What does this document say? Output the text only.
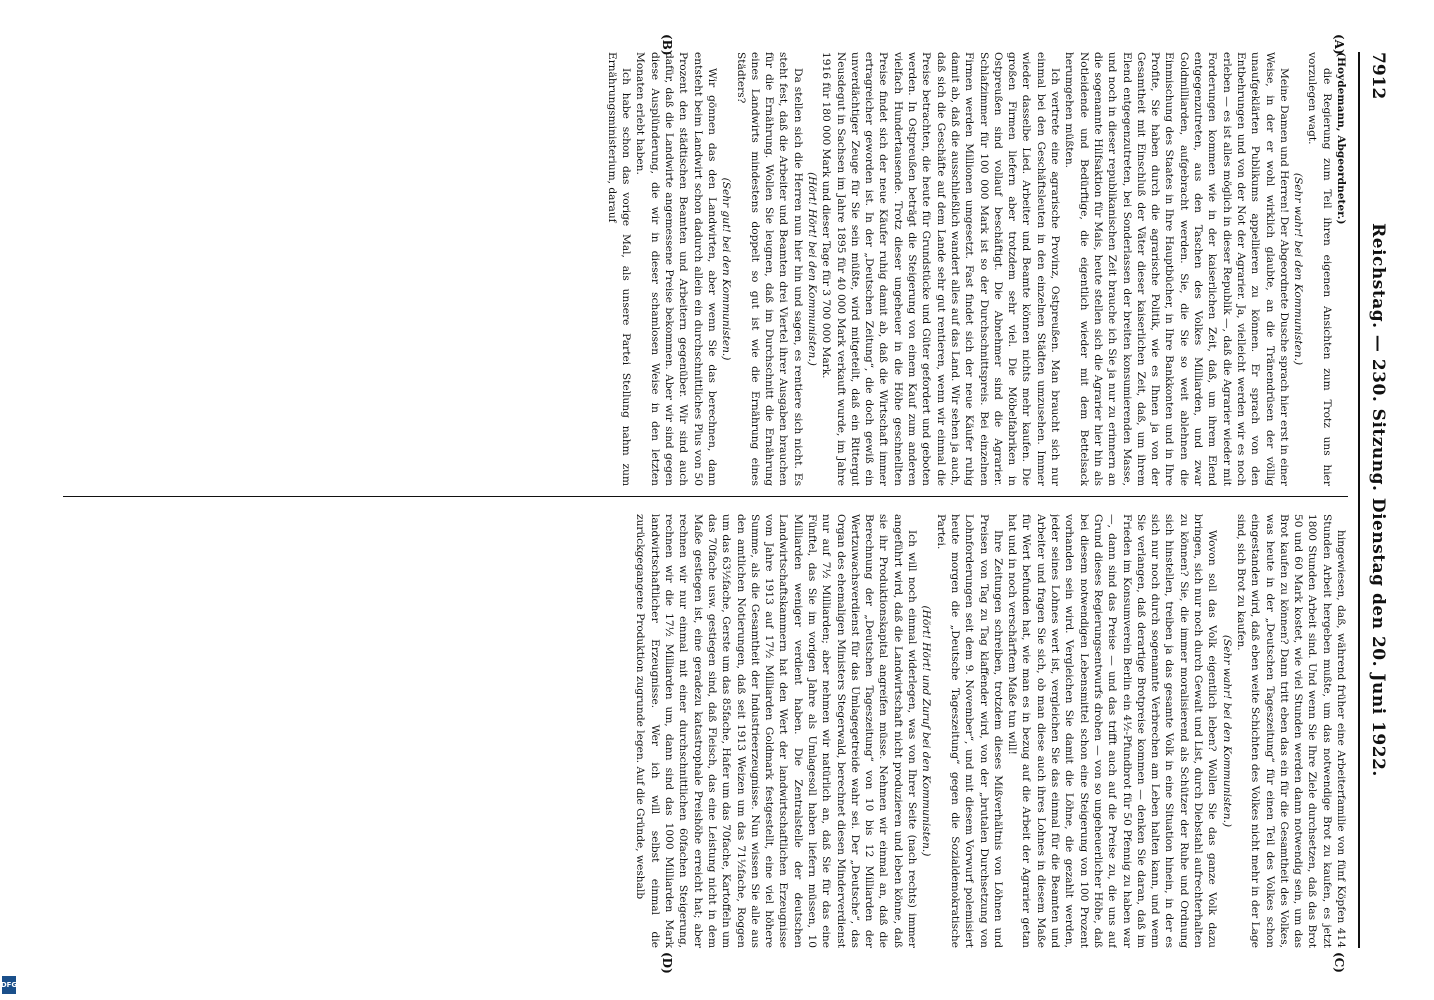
7912
Reichstag. — 230. Sitzung. Dienstag den 20. Juni 1922.
(A)
(B)
(C)
(D)

(Hoydemann, Abgeordneter.)

die Regierung zum Teil ihren eigenen Ansichten zum Trotz uns hier vorzulegen wagt.

(Sehr wahr! bei den Kommunisten.)

Meine Damen und Herren! Der Abgeordnete Dusche sprach hier erst in einer Weise, in der er wohl wirklich glaubte, an die Tränendrüsen der völlig unaufgeklärten Publikums appellieren zu können. Er sprach von den Entbehrungen und von der Not der Agrarier. Ja, vielleicht werden wir es noch erleben — es ist alles möglich in dieser Republik —, daß die Agrarier wieder mit Forderungen kommen wie in der kaiserlichen Zeit, daß, um ihrem Elend entgegenzutreten, aus den Taschen des Volkes Milliarden, und zwar Goldmilliarden, aufgebracht werden. Sie, die Sie so weit ablehnen die Einmischung des Staates in Ihre Hauptbücher, in Ihre Bankkonten und in Ihre Profite, Sie haben durch die agrarische Politik, wie es Ihnen ja von der Gesamtheit mit Einschluß der Väter dieser kaiserlichen Zeit, daß, um ihrem Elend entgegenzutreten, bei Sonderlassen der breiten konsumierenden Masse, und noch in dieser republikanischen Zeit brauche ich Sie ja nur zu erinnern an die sogenannte Hilfsaktion für Mais, heute stellen sich die Agrarier hier hin als Notleidende und Bedürftige, die eigentlich wieder mit dem Bettelsack herumgehen müßten.

Ich vertrete eine agrarische Provinz, Ostpreußen. Man braucht sich nur einmal bei den Geschäftsleuten in den einzelnen Städten umzusehen. Immer wieder dasselbe Lied. Arbeiter und Beamte können nichts mehr kaufen. Die großen Firmen liefern aber trotzdem sehr viel. Die Möbelfabriken in Ostpreußen sind vollauf beschäftigt. Die Abnehmer sind die Agrarier. Schlafzimmer für 100 000 Mark ist so der Durchschnittspreis. Bei einzelnen Firmen werden Millionen umgesetzt. Fast findet sich der neue Käufer ruhig damit ab, daß die ausschließlich wandert alles auf das Land. Wir sehen ja auch, daß sich die Geschäfte auf dem Lande sehr gut rentieren, wenn wir einmal die Preise betrachten, die heute für Grundstücke und Güter gefordert und geboten werden. In Ostpreußen beträgt die Steigerung von einem Kauf zum anderen vielfach Hundertausende. Trotz dieser ungeheuer in die Höhe geschnellten Preise findet sich der neue Käufer ruhig damit ab, daß die Wirtschaft immer ertragreicher geworden ist. In der „Deutschen Zeitung“, die doch gewiß ein unverdächtiger Zeuge für Sie sein müßte, wird mitgeteilt, daß ein Rittergut Neusdegut in Sachsen im Jahre 1895 für 40 000 Mark verkauft wurde, im Jahre 1916 für 180 000 Mark und dieser Tage für 3 700 000 Mark.

(Hört! Hört! bei den Kommunisten.)

Da stellen sich die Herren nun hier hin und sagen, es rentiere sich nicht. Es steht fest, daß die Arbeiter und Beamten drei Viertel ihrer Ausgaben brauchen für die Ernährung. Wollen Sie leugnen, daß im Durchschnitt die Ernährung eines Landwirts mindestens doppelt so gut ist wie die Ernährung eines Städters?

(Sehr gut! bei den Kommunisten.)

Wir gönnen das den Landwirten, aber wenn Sie das berechnen, dann entsteht beim Landwirt schon dadurch allein ein durchschnittliches Plus von 50 Prozent den städtischen Beamten und Arbeitern gegenüber. Wir sind auch dafür, daß die Landwirte angemessene Preise bekommen. Aber wir sind gegen diese Ausplünderung, die wir in dieser schamlosen Weise in den letzten Monaten erlebt haben.

Ich habe schon das vorige Mal, als unsere Partei Stellung nahm zum Ernährungsministerium, darauf

hingewiesen, daß, während früher eine Arbeiterfamilie von fünf Köpfen 414 Stunden Arbeit hergeben mußte, um das notwendige Brot zu kaufen, es jetzt 1800 Stunden Arbeit sind. Und wenn Sie Ihre Ziele durchsetzen, daß das Brot 50 und 60 Mark kostet, wie viel Stunden werden dann notwendig sein, um das Brot kaufen zu können? Dann tritt eben das ein für die Gesamtheit des Volkes, was heute in der „Deutschen Tageszeitung“ für einen Teil des Volkes schon eingestanden wird, daß eben weite Schichten des Volkes nicht mehr in der Lage sind, sich Brot zu kaufen.

(Sehr wahr! bei den Kommunisten.)

Wovon soll das Volk eigentlich leben? Wollen Sie das ganze Volk dazu bringen, sich nur noch durch Gewalt und List, durch Diebstahl aufrechterhalten zu können? Sie, die immer moralisierend als Schützer der Ruhe und Ordnung sich hinstellen, treiben ja das gesamte Volk in eine Situation hinein, in der es sich nur noch durch sogenannte Verbrechen am Leben halten kann, und wenn Sie verlangen, daß derartige Brotpreise kommen — denken Sie daran, daß im Frieden im Konsumverein Berlin ein 4½-Pfundbrot für 50 Pfennig zu haben war —, dann sind das Preise — und das trifft auch auf die Preise zu, die uns auf Grund dieses Regierungsentwurfs drohen — von so ungeheuerlicher Höhe, daß bei diesem notwendigen Lebensmittel schon eine Steigerung von 100 Prozent vorhanden sein wird. Vergleichen Sie damit die Löhne, die gezahlt werden, jeder seines Lohnes wert ist, vergleichen Sie das einmal für die Beamten und Arbeiter und fragen Sie sich, ob man diese auch ihres Lohnes in diesem Maße für Wert befunden hat, wie man es in bezug auf die Arbeit der Agrarier getan hat und in noch verschärftem Maße tun will!

Ihre Zeitungen schreiben, trotzdem dieses Mißverhältnis von Löhnen und Preisen von Tag zu Tag klaffender wird, von der „brutalen Durchsetzung von Lohnforderungen seit dem 9. November“, und mit diesem Vorwurf polemisiert heute morgen die „Deutsche Tageszeitung“ gegen die Sozialdemokratische Partei.

(Hört! Hört! und Zuruf bei den Kommunisten.)

Ich will noch einmal widerlegen, was von Ihrer Seite (nach rechts) immer angeführt wird, daß die Landwirtschaft nicht produzieren und leben könne, daß sie ihr Produktionskapital angreifen müsse. Nehmen wir einmal an, daß die Berechnung der „Deutschen Tageszeitung“ von 10 bis 12 Milliarden der Wertzuwachsverdienst für das Umlagegetreide wahr sei. Der „Deutsche“, das Organ des ehemaligen Ministers Stegerwald, berechnet diesen Minderverdienst nur auf 7½ Milliarden; aber nehmen wir natürlich an, daß Sie für das eine Fünftel, das Sie im vorigen Jahre als Umlagesoll haben liefern müssen, 10 Milliarden weniger verdient haben. Die Zentralstelle der deutschen Landwirtschaftskammern hat den Wert der landwirtschaftlichen Erzeugnisse vom Jahre 1913 auf 17½ Milliarden Goldmark festgestellt, eine viel höhere Summe, als die Gesamtheit der Industrieerzeugnisse. Nun wissen Sie alle aus den amtlichen Notierungen, daß seit 1913 Weizen um das 71½fache, Roggen um das 63½fache, Gerste um das 85fache, Hafer um das 70fache, Kartoffeln um das 70fache usw. gestiegen sind, daß Fleisch, das eine Leistung nicht in dem Maße gestiegen ist, eine geradezu katastrophale Preishöhe erreicht hat; aber rechnen wir nur einmal mit einer durchschnittlichen 60fachen Steigerung, rechnen wir die 17½ Milliarden um, dann sind das 1000 Milliarden Mark landwirtschaftlicher Erzeugnisse. Wer ich will selbst einmal die zurückgegangene Produktion zugrunde legen. Auf die Gründe, weshalb

DFG
